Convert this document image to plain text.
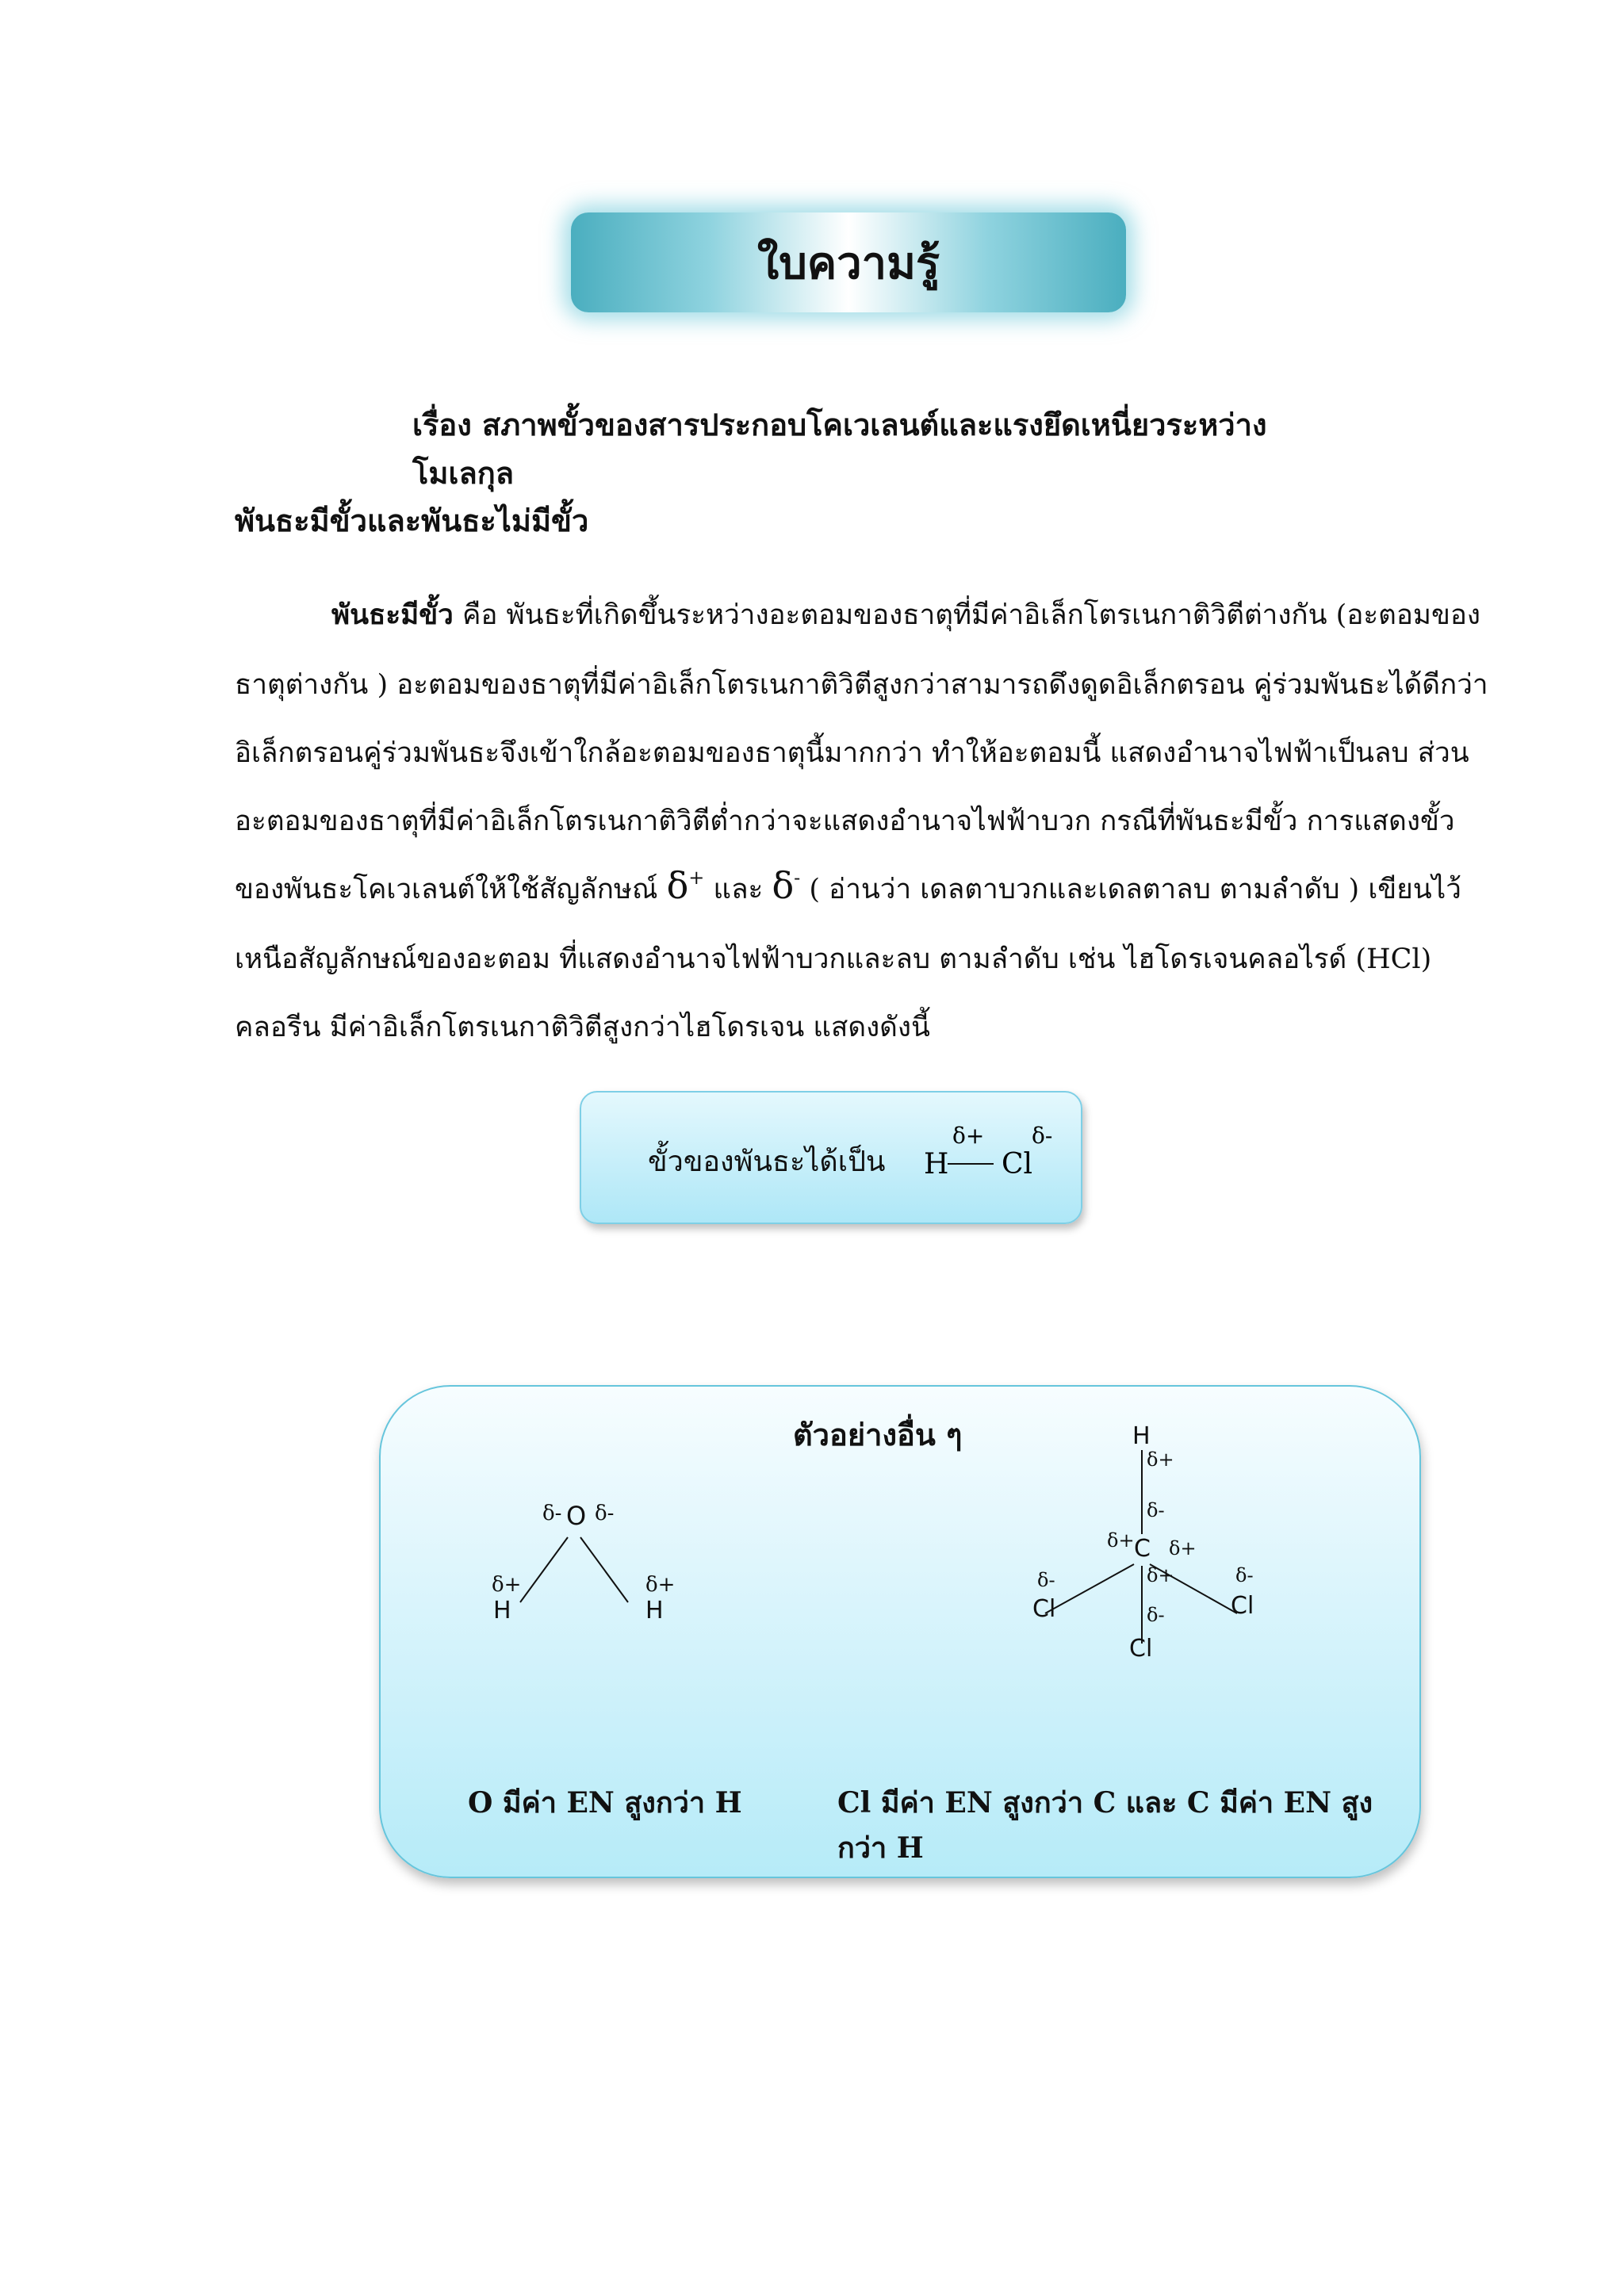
ใบความรู้
เรื่อง สภาพขั้วของสารประกอบโคเวเลนต์และแรงยึดเหนี่ยวระหว่างโมเลกุล
พันธะมีขั้วและพันธะไม่มีขั้ว
พันธะมีขั้ว คือ พันธะที่เกิดขึ้นระหว่างอะตอมของธาตุที่มีค่าอิเล็กโตรเนกาติวิตีต่างกัน (อะตอมของ
ธาตุต่างกัน ) อะตอมของธาตุที่มีค่าอิเล็กโตรเนกาติวิตีสูงกว่าสามารถดึงดูดอิเล็กตรอน คู่ร่วมพันธะได้ดีกว่า
อิเล็กตรอนคู่ร่วมพันธะจึงเข้าใกล้อะตอมของธาตุนี้มากกว่า ทำให้อะตอมนี้ แสดงอำนาจไฟฟ้าเป็นลบ ส่วน
อะตอมของธาตุที่มีค่าอิเล็กโตรเนกาติวิตีต่ำกว่าจะแสดงอำนาจไฟฟ้าบวก กรณีที่พันธะมีขั้ว การแสดงขั้ว
ของพันธะโคเวเลนต์ให้ใช้สัญลักษณ์ δ+ และ δ- ( อ่านว่า เดลตาบวกและเดลตาลบ ตามลำดับ ) เขียนไว้
เหนือสัญลักษณ์ของอะตอม ที่แสดงอำนาจไฟฟ้าบวกและลบ ตามลำดับ เช่น ไฮโดรเจนคลอไรด์ (HCl)
คลอรีน มีค่าอิเล็กโตรเนกาติวิตีสูงกว่าไฮโดรเจน แสดงดังนี้
ขั้วของพันธะได้เป็น H Cl
δ+ δ-
ตัวอย่างอื่น ๆ
δ- O δ-
δ+
H
δ+
H
H
δ+
δ-
δ+ C δ+
δ+
δ-
δ-
Cl
δ-
Cl
Cl
O มีค่า EN สูงกว่า H	Cl มีค่า EN สูงกว่า C และ C มีค่า EN สูงกว่า H
